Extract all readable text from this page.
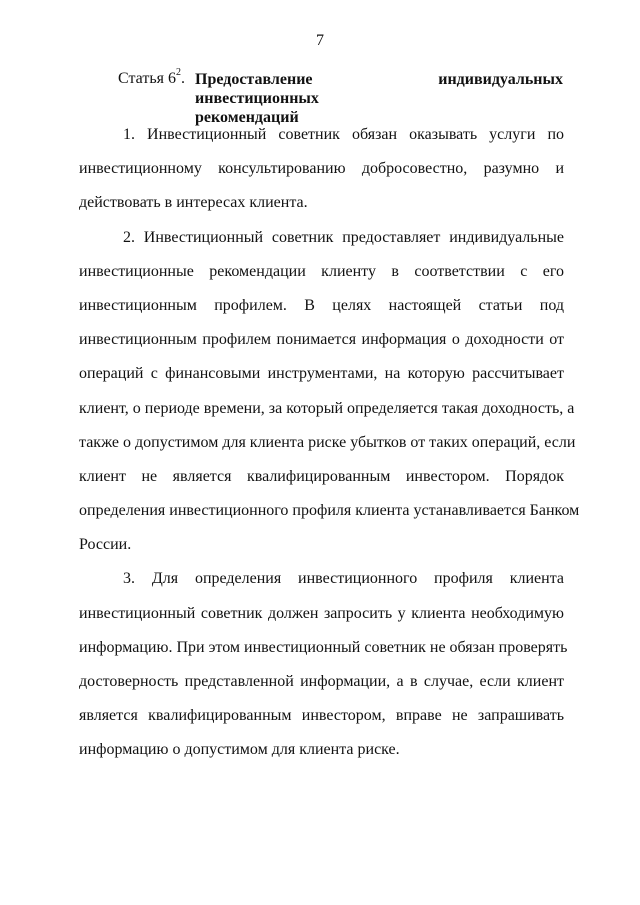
7
Статья $6^2$. Предоставление индивидуальных инвестиционных
рекомендаций
1. Инвестиционный советник обязан оказывать услуги по
инвестиционному консультированию добросовестно, разумно и
действовать в интересах клиента.
2. Инвестиционный советник предоставляет индивидуальные
инвестиционные рекомендации клиенту в соответствии с его
инвестиционным профилем. В целях настоящей статьи под
инвестиционным профилем понимается информация о доходности от
операций с финансовыми инструментами, на которую рассчитывает
клиент, о периоде времени, за который определяется такая доходность, а
также о допустимом для клиента риске убытков от таких операций, если
клиент не является квалифицированным инвестором. Порядок
определения инвестиционного профиля клиента устанавливается Банком
России.
3. Для определения инвестиционного профиля клиента
инвестиционный советник должен запросить у клиента необходимую
информацию. При этом инвестиционный советник не обязан проверять
достоверность представленной информации, а в случае, если клиент
является квалифицированным инвестором, вправе не запрашивать
информацию о допустимом для клиента риске.
